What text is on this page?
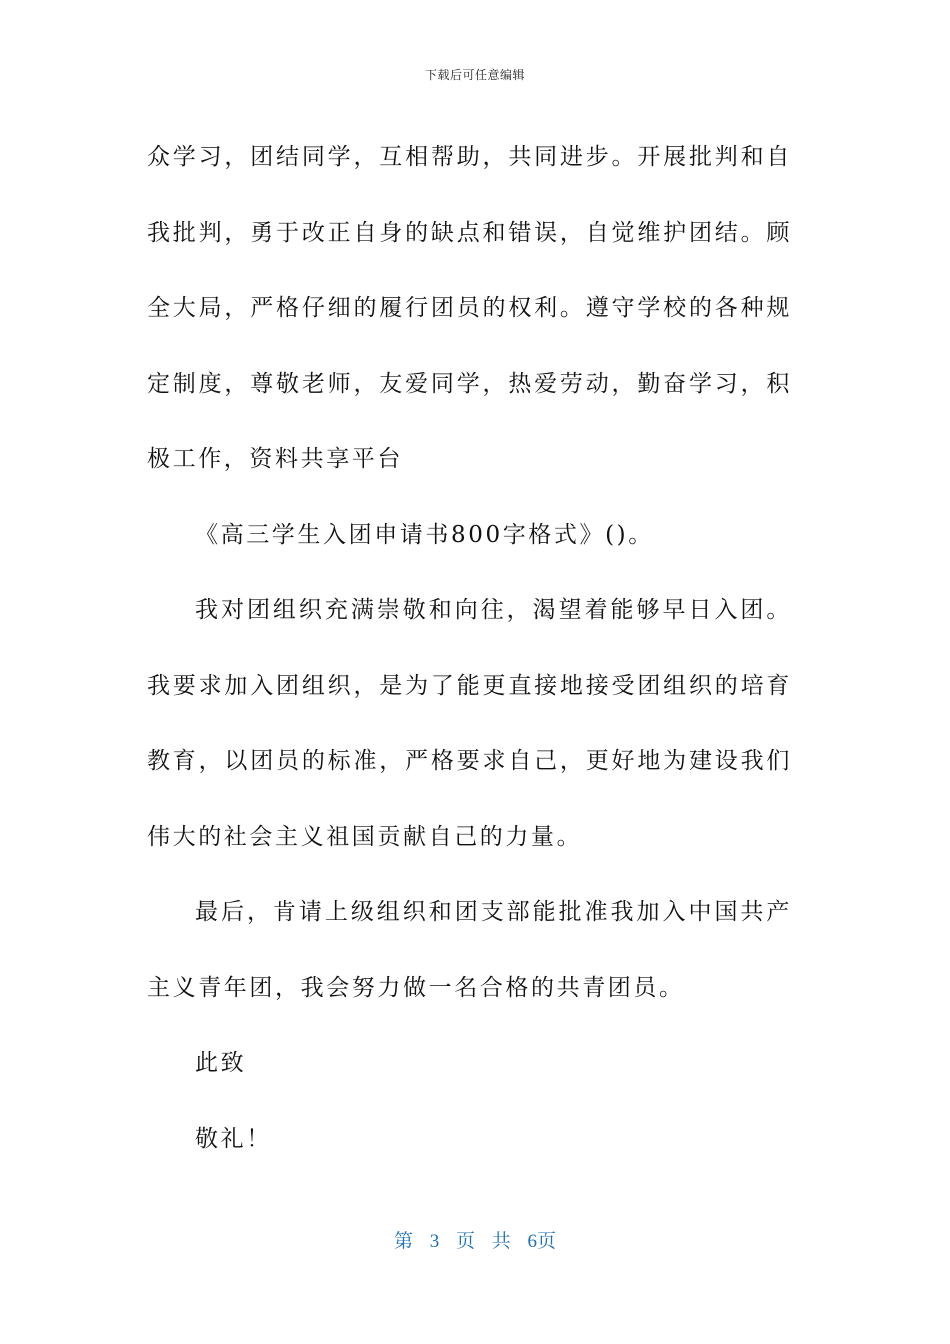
下载后可任意编辑

众学习，团结同学，互相帮助，共同进步。开展批判和自我批判，勇于改正自身的缺点和错误，自觉维护团结。顾全大局，严格仔细的履行团员的权利。遵守学校的各种规定制度，尊敬老师，友爱同学，热爱劳动，勤奋学习，积极工作，资料共享平台

《高三学生入团申请书800字格式》()。

我对团组织充满崇敬和向往，渴望着能够早日入团。我要求加入团组织，是为了能更直接地接受团组织的培育教育，以团员的标准，严格要求自己，更好地为建设我们伟大的社会主义祖国贡献自己的力量。

最后，肯请上级组织和团支部能批准我加入中国共产主义青年团，我会努力做一名合格的共青团员。

此致

敬礼！

第 3 页 共 6页
